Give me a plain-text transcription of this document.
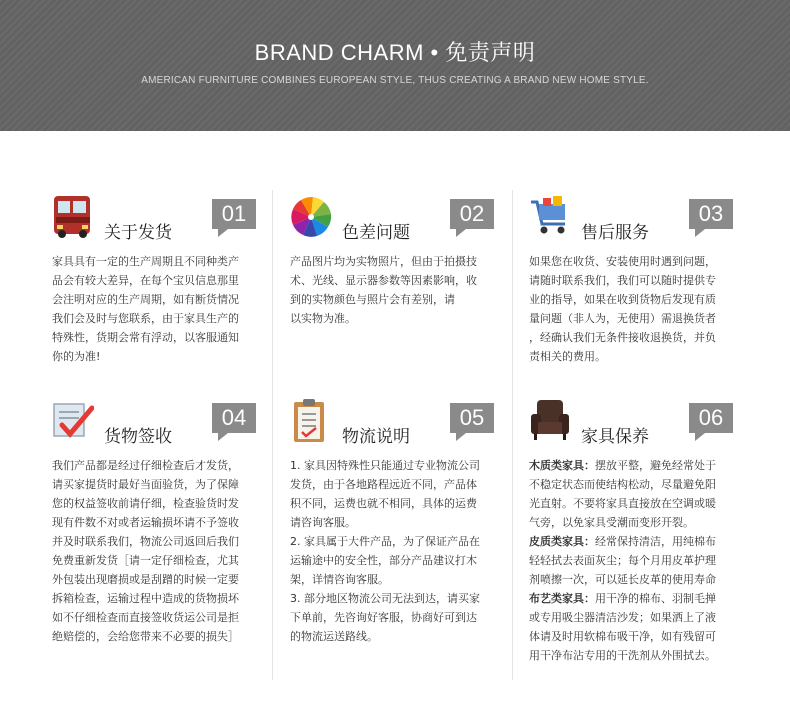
BRAND CHARM • 免责声明
AMERICAN FURNITURE COMBINES EUROPEAN STYLE, THUS CREATING A BRAND NEW HOME STYLE.
关于发货
01

家具具有一定的生产周期且不同种类产

品会有较大差异，在每个宝贝信息那里

会注明对应的生产周期，如有断货情况

我们会及时与您联系，由于家具生产的

特殊性，货期会常有浮动，以客服通知

你的为准!

色差问题
02

产品图片均为实物照片，但由于拍摄技

术、光线、显示器参数等因素影响，收

到的实物颜色与照片会有差别，请

以实物为准。

售后服务
03

如果您在收货、安装使用时遇到问题，

请随时联系我们，我们可以随时提供专

业的指导，如果在收到货物后发现有质

量问题（非人为，无使用）需退换货者

，经确认我们无条件接收退换货，并负

责相关的费用。

货物签收
04

我们产品都是经过仔细检查后才发货，

请买家提货时最好当面验货，为了保障

您的权益签收前请仔细，检查验货时发

现有件数不对或者运输损坏请不予签收

并及时联系我们，物流公司返回后我们

免费重新发货［请一定仔细检查，尤其

外包装出现磨损或是刮蹭的时候一定要

拆箱检查，运输过程中造成的货物损坏

如不仔细检查而直接签收货运公司是拒

绝赔偿的，会给您带来不必要的损失］

物流说明
05

1. 家具因特殊性只能通过专业物流公司

发货，由于各地路程远近不同，产品体

积不同，运费也就不相同，具体的运费

请咨询客服。

2. 家具属于大件产品，为了保证产品在

运输途中的安全性，部分产品建议打木

架，详情咨询客服。

3. 部分地区物流公司无法到达，请买家

下单前，先咨询好客服，协商好可到达

的物流运送路线。

家具保养
06

木质类家具：摆放平整，避免经常处于

不稳定状态而使结构松动，尽量避免阳

光直射。不要将家具直接放在空调或暖

气旁，以免家具受潮而变形开裂。

皮质类家具：经常保持清洁，用纯棉布

轻轻拭去表面灰尘；每个月用皮革护理

剂喷擦一次，可以延长皮革的使用寿命

布艺类家具：用干净的棉布、羽制毛掸

或专用吸尘器清洁沙发；如果洒上了液

体请及时用软棉布吸干净，如有残留可

用干净布沾专用的干洗剂从外围拭去。
